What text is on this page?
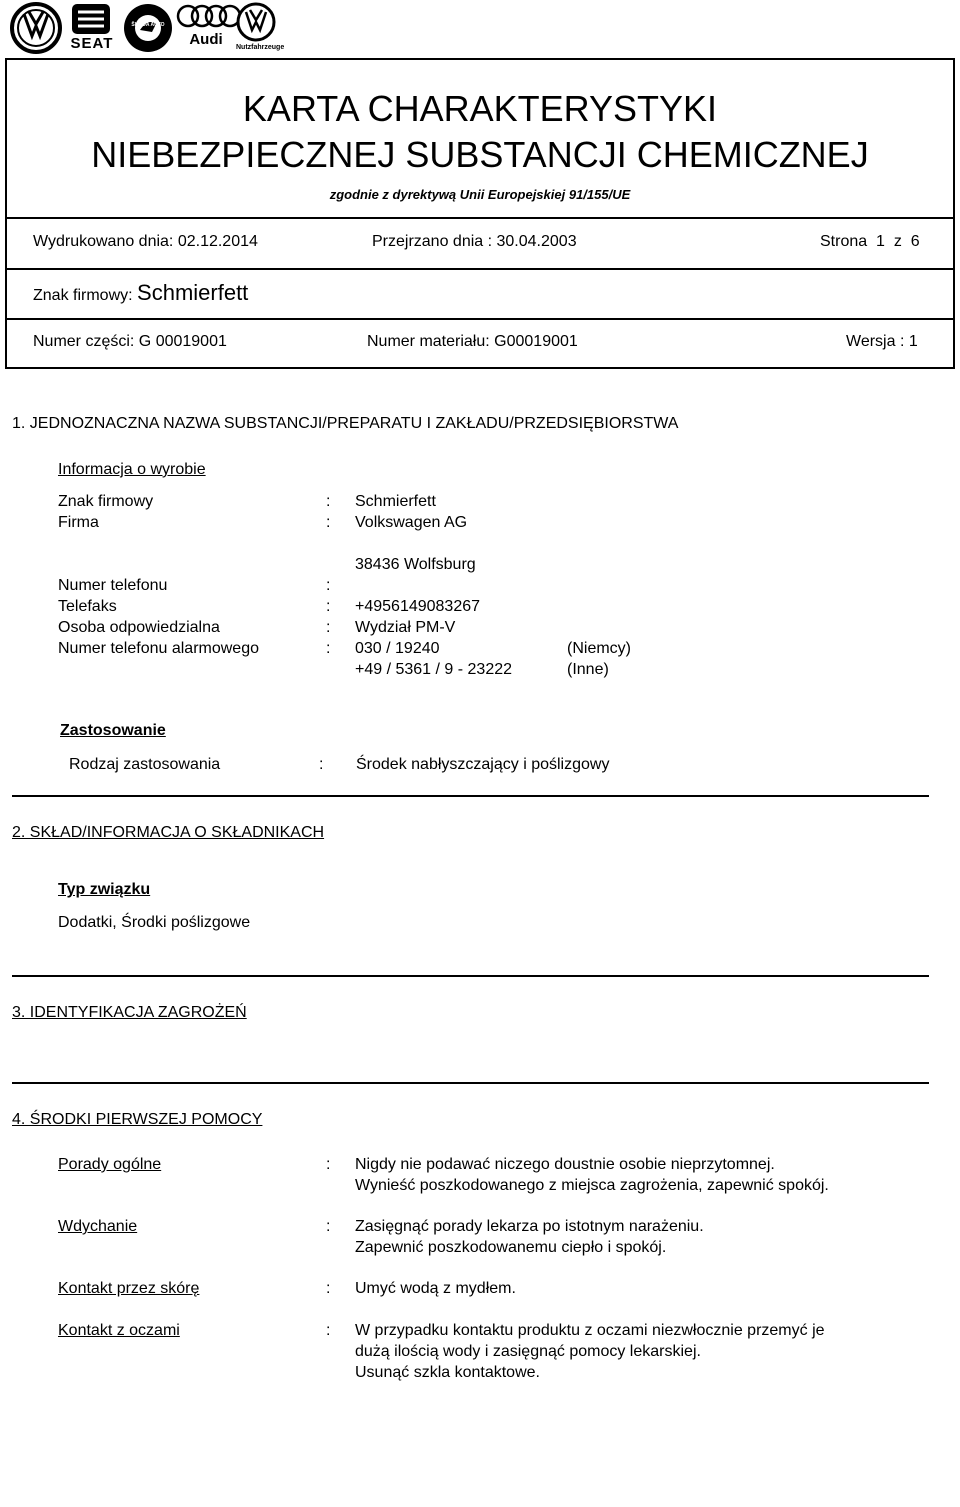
SEAT
ŠKODA AUTO
Audi	Nutzfahrzeuge
KARTA CHARAKTERYSTYKI
NIEBEZPIECZNEJ SUBSTANCJI CHEMICZNEJ
zgodnie z dyrektywą Unii Europejskiej 91/155/UE
Wydrukowano dnia: 02.12.2014	Przejrzano dnia : 30.04.2003	Strona 1 z 6
Znak firmowy: Schmierfett
Numer części: G 00019001	Numer materiału: G00019001	Wersja : 1
1. JEDNOZNACZNA NAZWA SUBSTANCJI/PREPARATU I ZAKŁADU/PRZEDSIĘBIORSTWA
Informacja o wyrobie
Znak firmowy	: Schmierfett
Firma	: Volkswagen AG
38436 Wolfsburg
Numer telefonu	:
Telefaks	: +4956149083267
Osoba odpowiedzialna	: Wydział PM-V
Numer telefonu alarmowego	: 030 / 19240	(Niemcy)
+49 / 5361 / 9 - 23222	(Inne)
Zastosowanie
Rodzaj zastosowania	: Środek nabłyszczający i poślizgowy
2. SKŁAD/INFORMACJA O SKŁADNIKACH
Typ związku
Dodatki, Środki poślizgowe
3. IDENTYFIKACJA ZAGROŻEŃ
4. ŚRODKI PIERWSZEJ POMOCY
Porady ogólne	: Nigdy nie podawać niczego doustnie osobie nieprzytomnej.
Wynieść poszkodowanego z miejsca zagrożenia, zapewnić spokój.
Wdychanie	: Zasięgnąć porady lekarza po istotnym narażeniu.
Zapewnić poszkodowanemu ciepło i spokój.
Kontakt przez skórę	: Umyć wodą z mydłem.
Kontakt z oczami	: W przypadku kontaktu produktu z oczami niezwłocznie przemyć je
dużą ilością wody i zasięgnąć pomocy lekarskiej.
Usunąć szkla kontaktowe.
